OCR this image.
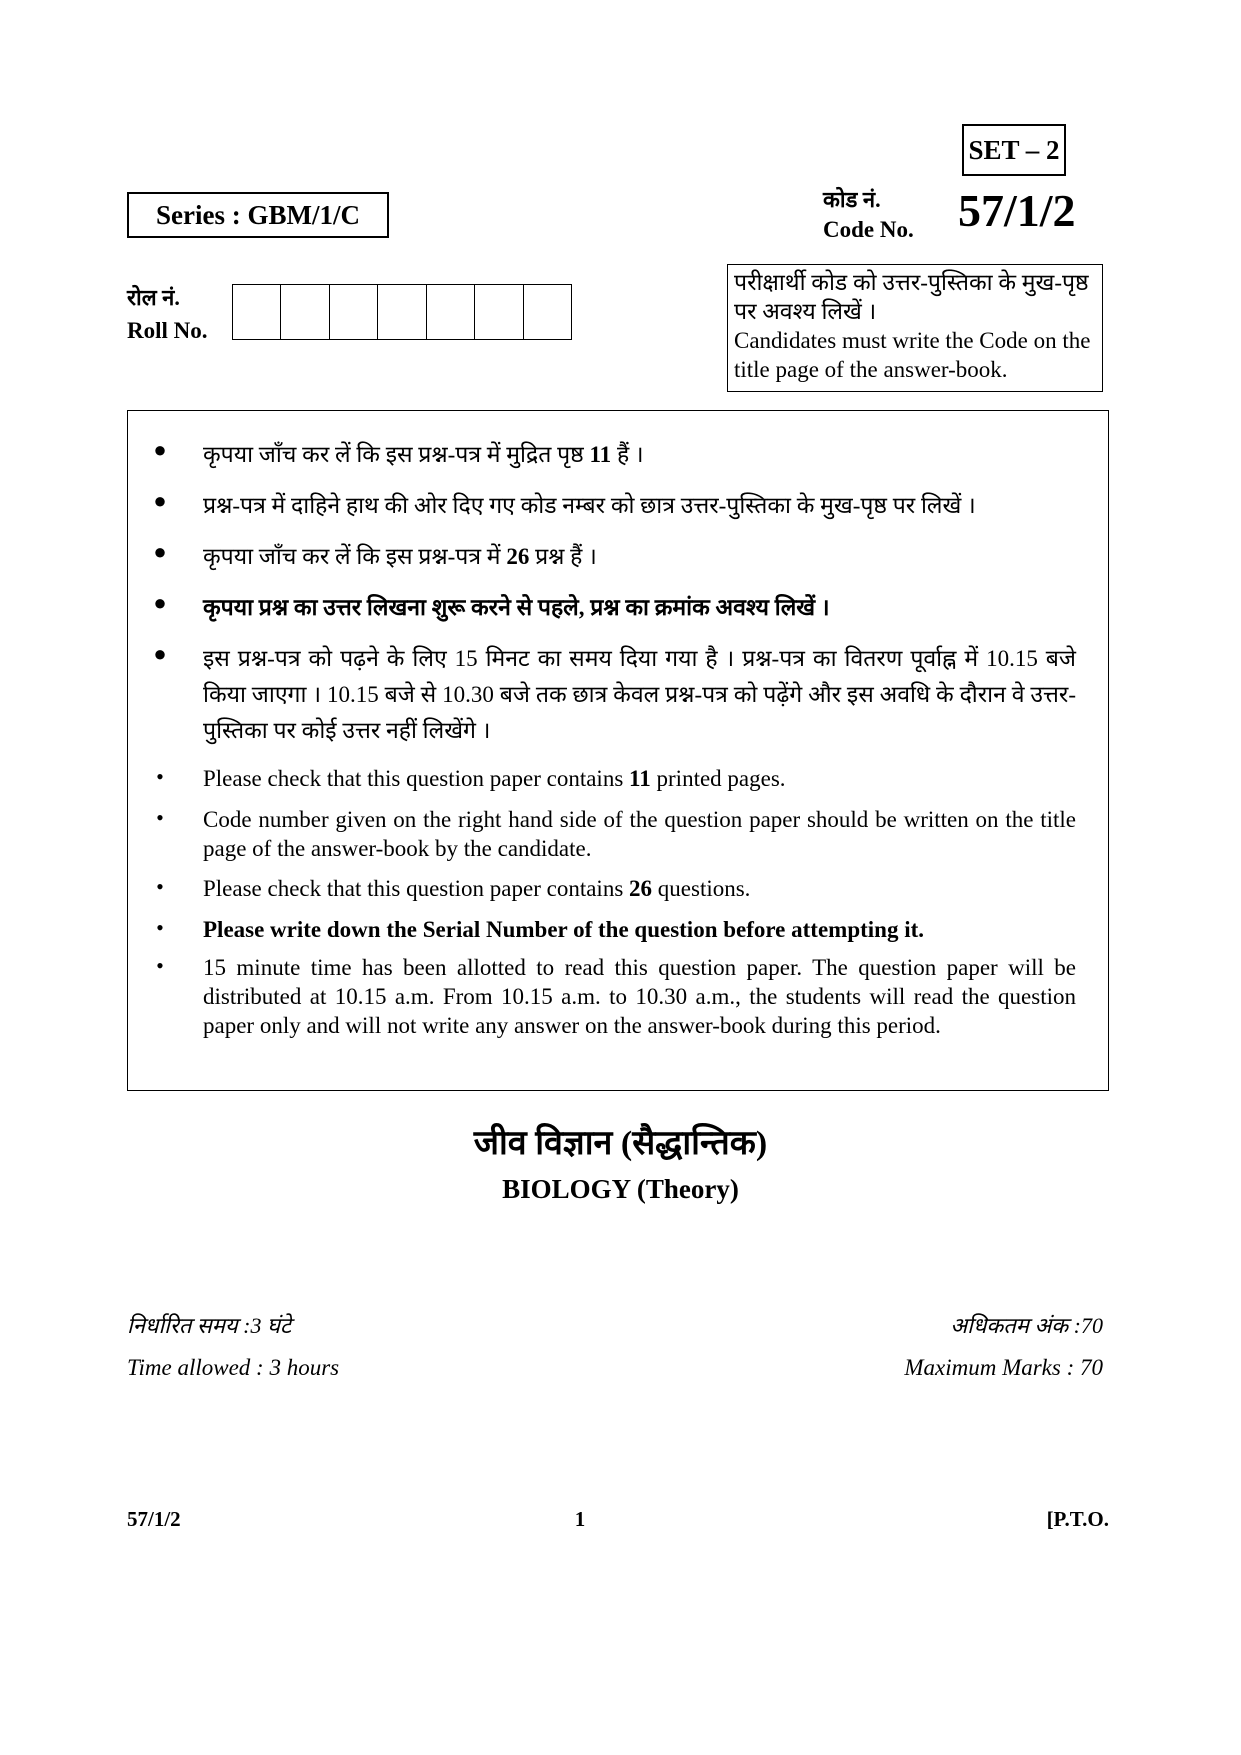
SET – 2
Series : GBM/1/C	कोड नं.
Code No. 57/1/2
रोल नं.
Roll No.
परीक्षार्थी कोड को उत्तर-पुस्तिका के मुख-पृष्ठ पर अवश्य लिखें ।
Candidates must write the Code on the title page of the answer-book.
●	कृपया जाँच कर लें कि इस प्रश्न-पत्र में मुद्रित पृष्ठ 11 हैं ।
●	प्रश्न-पत्र में दाहिने हाथ की ओर दिए गए कोड नम्बर को छात्र उत्तर-पुस्तिका के मुख-पृष्ठ पर लिखें ।
●	कृपया जाँच कर लें कि इस प्रश्न-पत्र में 26 प्रश्न हैं ।
●	कृपया प्रश्न का उत्तर लिखना शुरू करने से पहले, प्रश्न का क्रमांक अवश्य लिखें ।
●	इस प्रश्न-पत्र को पढ़ने के लिए 15 मिनट का समय दिया गया है । प्रश्न-पत्र का वितरण पूर्वाह्न में 10.15 बजे किया जाएगा । 10.15 बजे से 10.30 बजे तक छात्र केवल प्रश्न-पत्र को पढ़ेंगे और इस अवधि के दौरान वे उत्तर-पुस्तिका पर कोई उत्तर नहीं लिखेंगे ।
•	Please check that this question paper contains 11 printed pages.
•	Code number given on the right hand side of the question paper should be written on the title page of the answer-book by the candidate.
•	Please check that this question paper contains 26 questions.
•	Please write down the Serial Number of the question before attempting it.
•	15 minute time has been allotted to read this question paper. The question paper will be distributed at 10.15 a.m. From 10.15 a.m. to 10.30 a.m., the students will read the question paper only and will not write any answer on the answer-book during this period.
जीव विज्ञान (सैद्धान्तिक)
BIOLOGY (Theory)
निर्धारित समय :3 घंटे
Time allowed : 3 hours
अधिकतम अंक :70
Maximum Marks : 70
57/1/2	1	[P.T.O.
